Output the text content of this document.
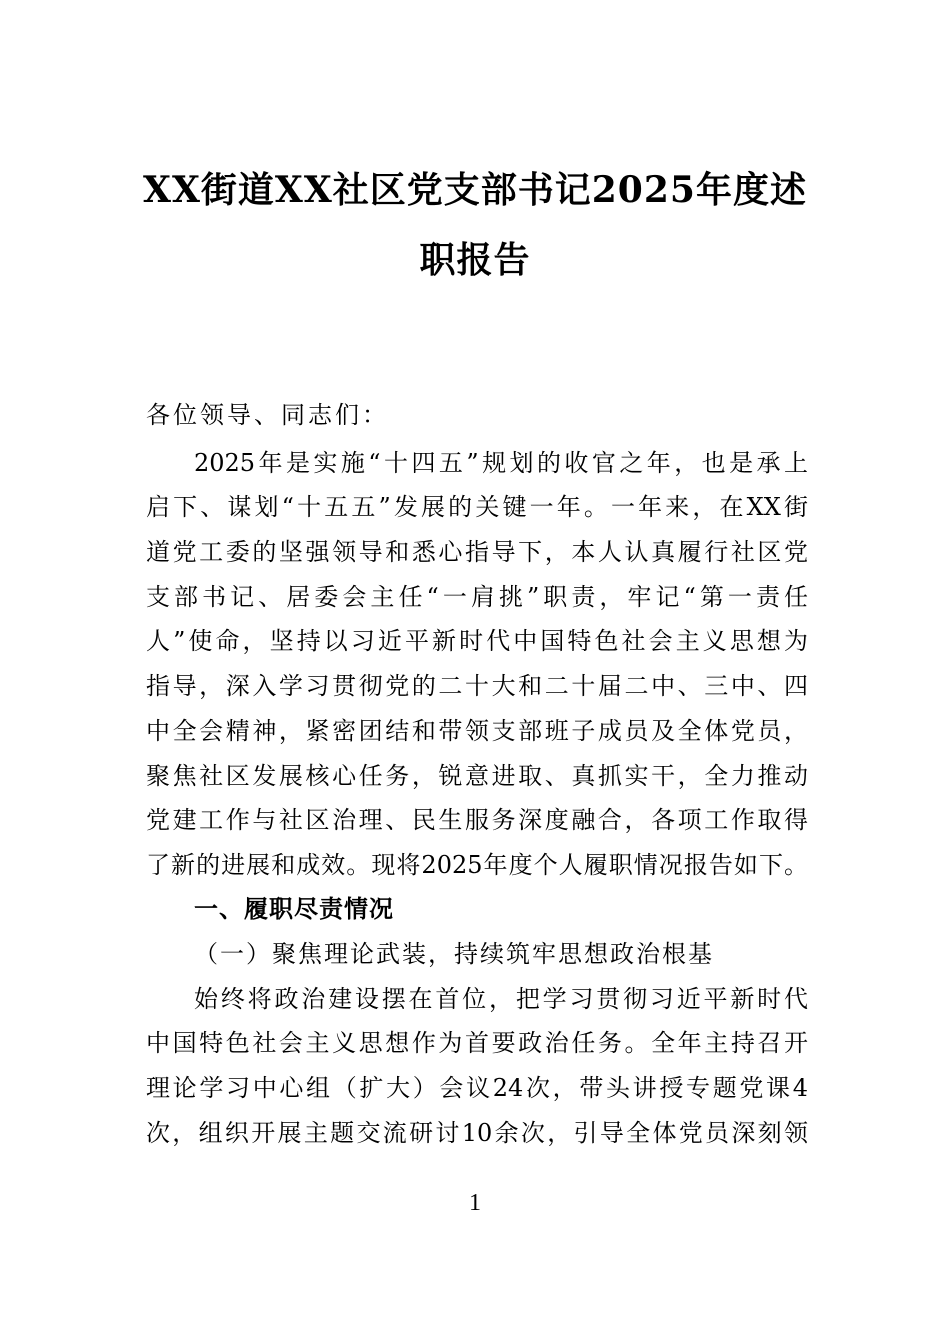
XX街道XX社区党支部书记2025年度述
职报告

各位领导、同志们：

2025年是实施“十四五”规划的收官之年，也是承上

启下、谋划“十五五”发展的关键一年。一年来，在XX街

道党工委的坚强领导和悉心指导下，本人认真履行社区党

支部书记、居委会主任“一肩挑”职责，牢记“第一责任

人”使命，坚持以习近平新时代中国特色社会主义思想为

指导，深入学习贯彻党的二十大和二十届二中、三中、四

中全会精神，紧密团结和带领支部班子成员及全体党员，

聚焦社区发展核心任务，锐意进取、真抓实干，全力推动

党建工作与社区治理、民生服务深度融合，各项工作取得

了新的进展和成效。现将2025年度个人履职情况报告如下。

一、履职尽责情况

（一）聚焦理论武装，持续筑牢思想政治根基

始终将政治建设摆在首位，把学习贯彻习近平新时代

中国特色社会主义思想作为首要政治任务。全年主持召开

理论学习中心组（扩大）会议24次，带头讲授专题党课4

次，组织开展主题交流研讨10余次，引导全体党员深刻领

1
